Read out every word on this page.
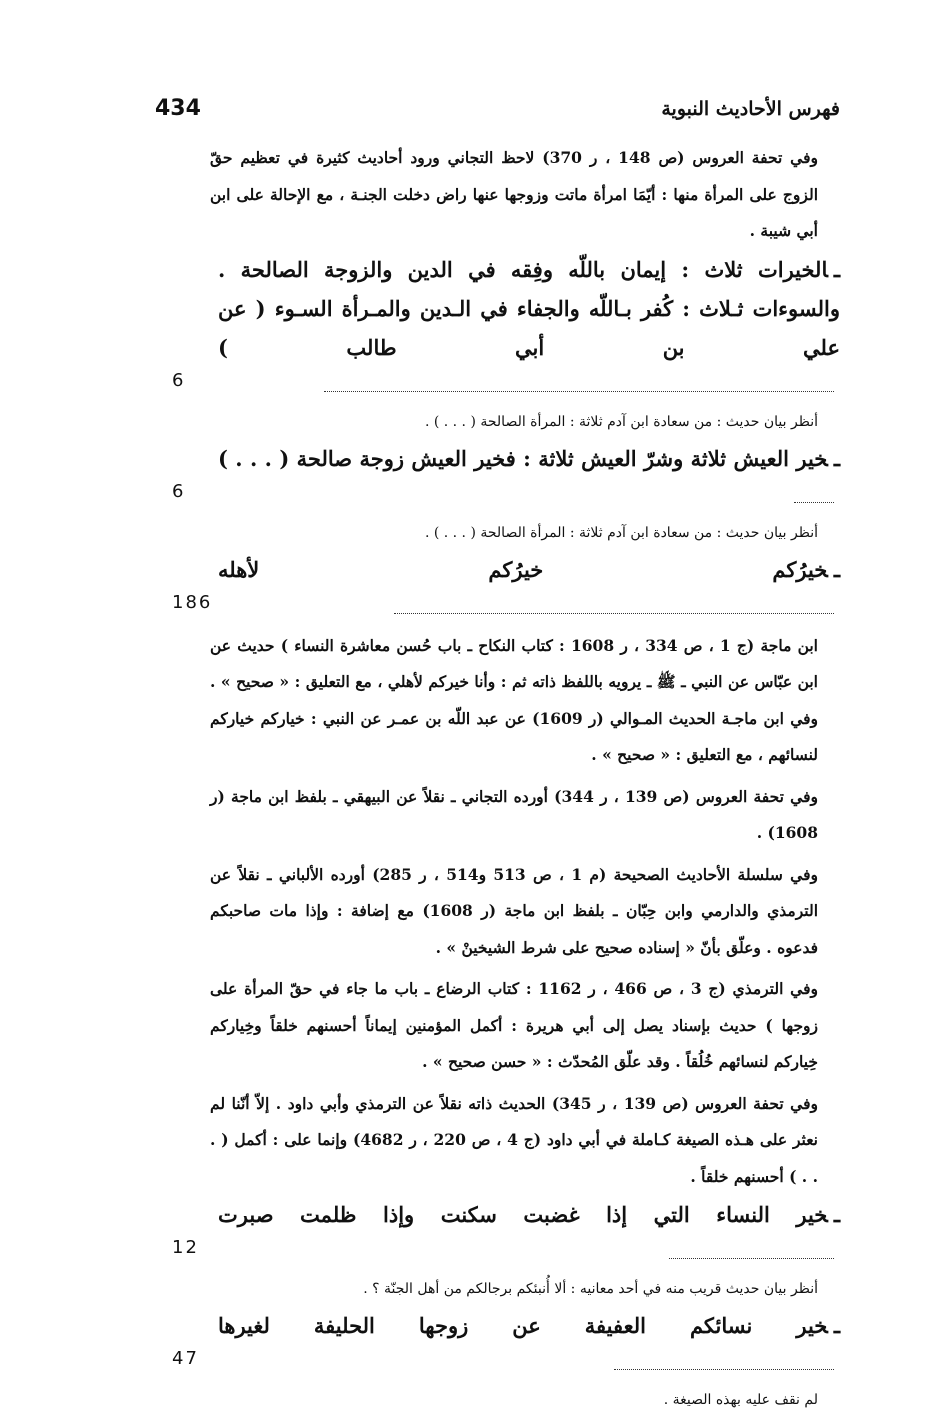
فهرس الأحاديث النبوية
434
وفي تحفة العروس (ص 148 ، ر 370) لاحظ التجاني ورود أحاديث كثيرة في تعظيم حقّ الزوج على المرأة منها : أيّمَا امرأة ماتت وزوجها عنها راض دخلت الجنـة ، مع الإحالة على ابن أبي شيبة .
ـالخيرات ثلاث : إيمان باللّه وفِقه في الدين والزوجة الصالحة . والسوءات ثـلاث : كُفر بـاللّه والجفاء في الـدين والمـرأة السـوء ( عن علي بن أبي طالب )
6
أنظر بيان حديث : من سعادة ابن آدم ثلاثة : المرأة الصالحة ( . . . ) .
ـخير العيش ثلاثة وشرّ العيش ثلاثة : فخير العيش زوجة صالحة ( . . . )
6
أنظر بيان حديث : من سعادة ابن آدم ثلاثة : المرأة الصالحة ( . . . ) .
ـخيرُكم خيرُكم لأهله
186
ابن ماجة (ج 1 ، ص 334 ، ر 1608 : كتاب النكاح ـ باب حُسن معاشرة النساء ) حديث عن ابن عبّاس عن النبي ـ ﷺ ـ يرويه باللفظ ذاته ثم : وأنا خيركم لأهلي ، مع التعليق : « صحيح » . وفي ابن ماجـة الحديث المـوالي (ر 1609) عن عبد اللّه بن عمـر عن النبي : خياركم خياركم لنسائهم ، مع التعليق : « صحيح » .
وفي تحفة العروس (ص 139 ، ر 344) أورده التجاني ـ نقلاً عن البيهقي ـ بلفظ ابن ماجة (ر 1608) .
وفي سلسلة الأحاديث الصحيحة (م 1 ، ص 513 و514 ، ر 285) أورده الألباني ـ نقلاً عن الترمذي والدارمي وابن حِبّان ـ بلفظ ابن ماجة (ر 1608) مع إضافة : وإذا مات صاحبكم فدعوه . وعلّق بأنّ « إسناده صحيح على شرط الشيخينْ » .
وفي الترمذي (ج 3 ، ص 466 ، ر 1162 : كتاب الرضاع ـ باب ما جاء في حقّ المرأة على زوجها ) حديث بإسناد يصل إلى أبي هريرة : أكمل المؤمنين إيماناً أحسنهم خلقاً وخِياركم خِياركم لنسائهم خُلُقاً . وقد علّق المُحدّث : « حسن صحيح » .
وفي تحفة العروس (ص 139 ، ر 345) الحديث ذاته نقلاً عن الترمذي وأبي داود . إلاّ أنّنا لم نعثر على هـذه الصيغة كـاملة في أبي داود (ج 4 ، ص 220 ، ر 4682) وإنما على : أكمل ( . . . ) أحسنهم خلقاً .
ـخير النساء التي إذا غضبت سكنت وإذا ظلمت صبرت
12
أنظر بيان حديث قريب منه في أحد معانيه : ألا أُنبئكم برجالكم من أهل الجنّة ؟ .
ـخير نسائكم العفيفة عن زوجها الحليفة لغيرها
47
لم نقف عليه بهذه الصيغة .
